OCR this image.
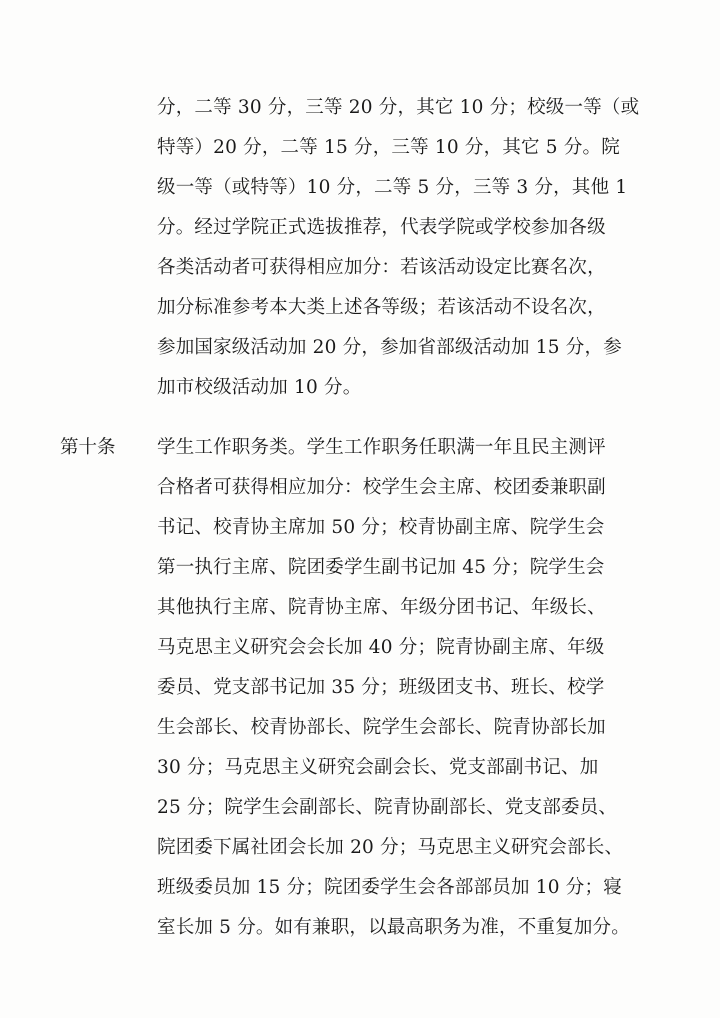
分，二等 30 分，三等 20 分，其它 10 分；校级一等（或
特等）20 分，二等 15 分，三等 10 分，其它 5 分。院
级一等（或特等）10 分，二等 5 分，三等 3 分，其他 1
分。经过学院正式选拔推荐，代表学院或学校参加各级
各类活动者可获得相应加分：若该活动设定比赛名次，
加分标准参考本大类上述各等级；若该活动不设名次，
参加国家级活动加 20 分，参加省部级活动加 15 分，参
加市校级活动加 10 分。
第十条 学生工作职务类。学生工作职务任职满一年且民主测评
合格者可获得相应加分：校学生会主席、校团委兼职副
书记、校青协主席加 50 分；校青协副主席、院学生会
第一执行主席、院团委学生副书记加 45 分；院学生会
其他执行主席、院青协主席、年级分团书记、年级长、
马克思主义研究会会长加 40 分；院青协副主席、年级
委员、党支部书记加 35 分；班级团支书、班长、校学
生会部长、校青协部长、院学生会部长、院青协部长加
30 分；马克思主义研究会副会长、党支部副书记、加
25 分；院学生会副部长、院青协副部长、党支部委员、
院团委下属社团会长加 20 分；马克思主义研究会部长、
班级委员加 15 分；院团委学生会各部部员加 10 分；寝
室长加 5 分。如有兼职，以最高职务为准，不重复加分。
